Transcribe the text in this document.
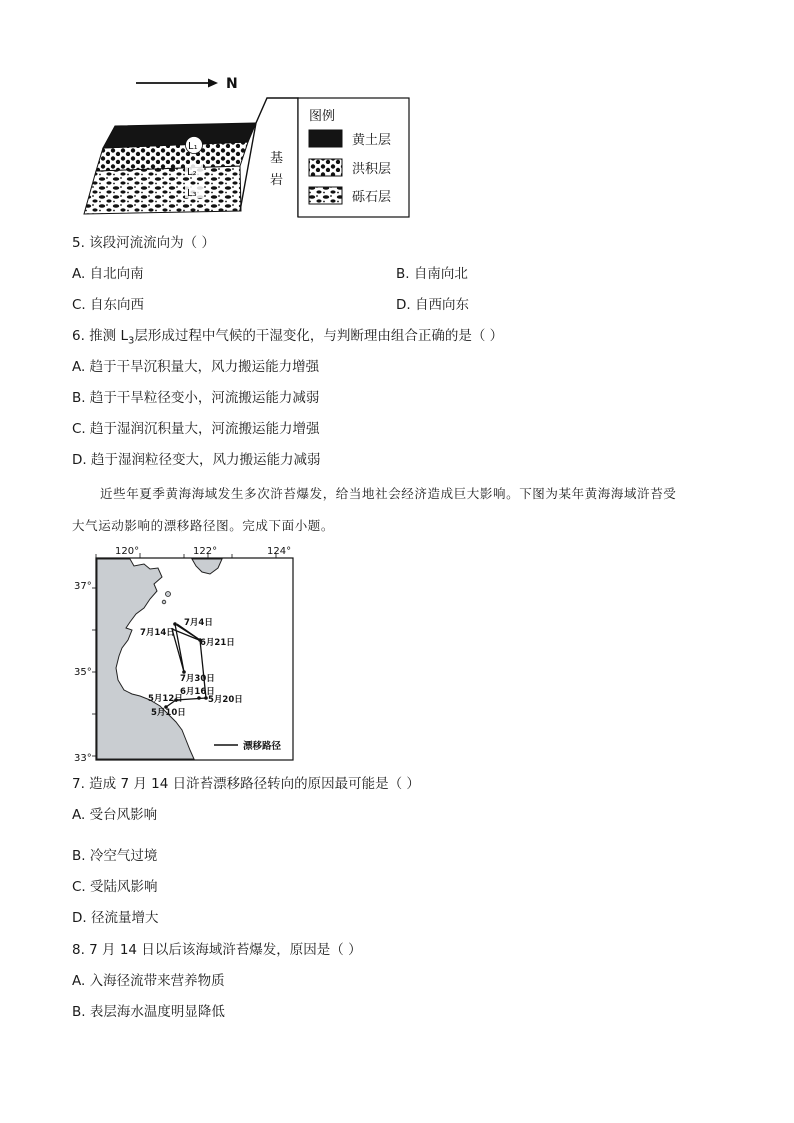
N
L₁
L₂
L₃
基
岩
图例
黄土层
洪积层
砾石层
5. 该段河流流向为（ ）
A. 自北向南	B. 自南向北
C. 自东向西	D. 自西向东
6. 推测 $L_3$层形成过程中气候的干湿变化，与判断理由组合正确的是（ ）
A. 趋于干旱沉积量大，风力搬运能力增强
B. 趋于干旱粒径变小，河流搬运能力减弱
C. 趋于湿润沉积量大，河流搬运能力增强
D. 趋于湿润粒径变大，风力搬运能力减弱
近些年夏季黄海海域发生多次浒苔爆发，给当地社会经济造成巨大影响。下图为某年黄海海域浒苔受
大气运动影响的漂移路径图。完成下面小题。
120°	122°	124°
37°
35°
33°
7月4日
7月14日
6月21日
7月30日
6月16日
5月20日
5月12日
5月10日
漂移路径
7. 造成 7 月 14 日浒苔漂移路径转向的原因最可能是（ ）
A. 受台风影响
B. 冷空气过境
C. 受陆风影响
D. 径流量增大
8. 7 月 14 日以后该海域浒苔爆发，原因是（ ）
A. 入海径流带来营养物质
B. 表层海水温度明显降低
